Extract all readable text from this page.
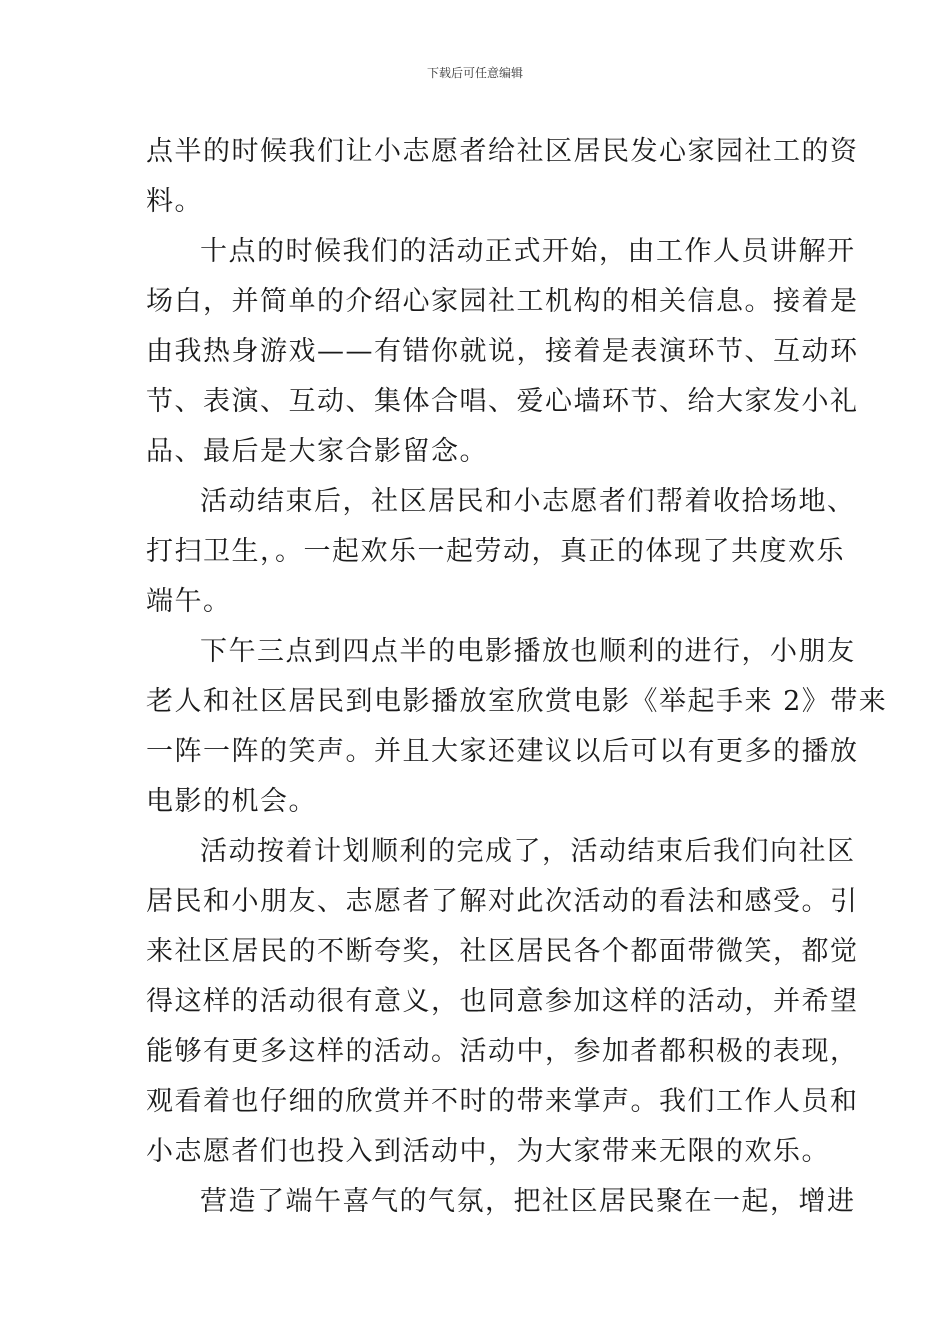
下载后可任意编辑
点半的时候我们让小志愿者给社区居民发心家园社工的资
料。
十点的时候我们的活动正式开始，由工作人员讲解开
场白，并简单的介绍心家园社工机构的相关信息。接着是
由我热身游戏——有错你就说，接着是表演环节、互动环
节、表演、互动、集体合唱、爱心墙环节、给大家发小礼
品、最后是大家合影留念。
活动结束后，社区居民和小志愿者们帮着收拾场地、
打扫卫生，。一起欢乐一起劳动，真正的体现了共度欢乐
端午。
下午三点到四点半的电影播放也顺利的进行，小朋友
老人和社区居民到电影播放室欣赏电影《举起手来 2》带来
一阵一阵的笑声。并且大家还建议以后可以有更多的播放
电影的机会。
活动按着计划顺利的完成了，活动结束后我们向社区
居民和小朋友、志愿者了解对此次活动的看法和感受。引
来社区居民的不断夸奖，社区居民各个都面带微笑，都觉
得这样的活动很有意义，也同意参加这样的活动，并希望
能够有更多这样的活动。活动中，参加者都积极的表现，
观看着也仔细的欣赏并不时的带来掌声。我们工作人员和
小志愿者们也投入到活动中，为大家带来无限的欢乐。
营造了端午喜气的气氛，把社区居民聚在一起，增进
